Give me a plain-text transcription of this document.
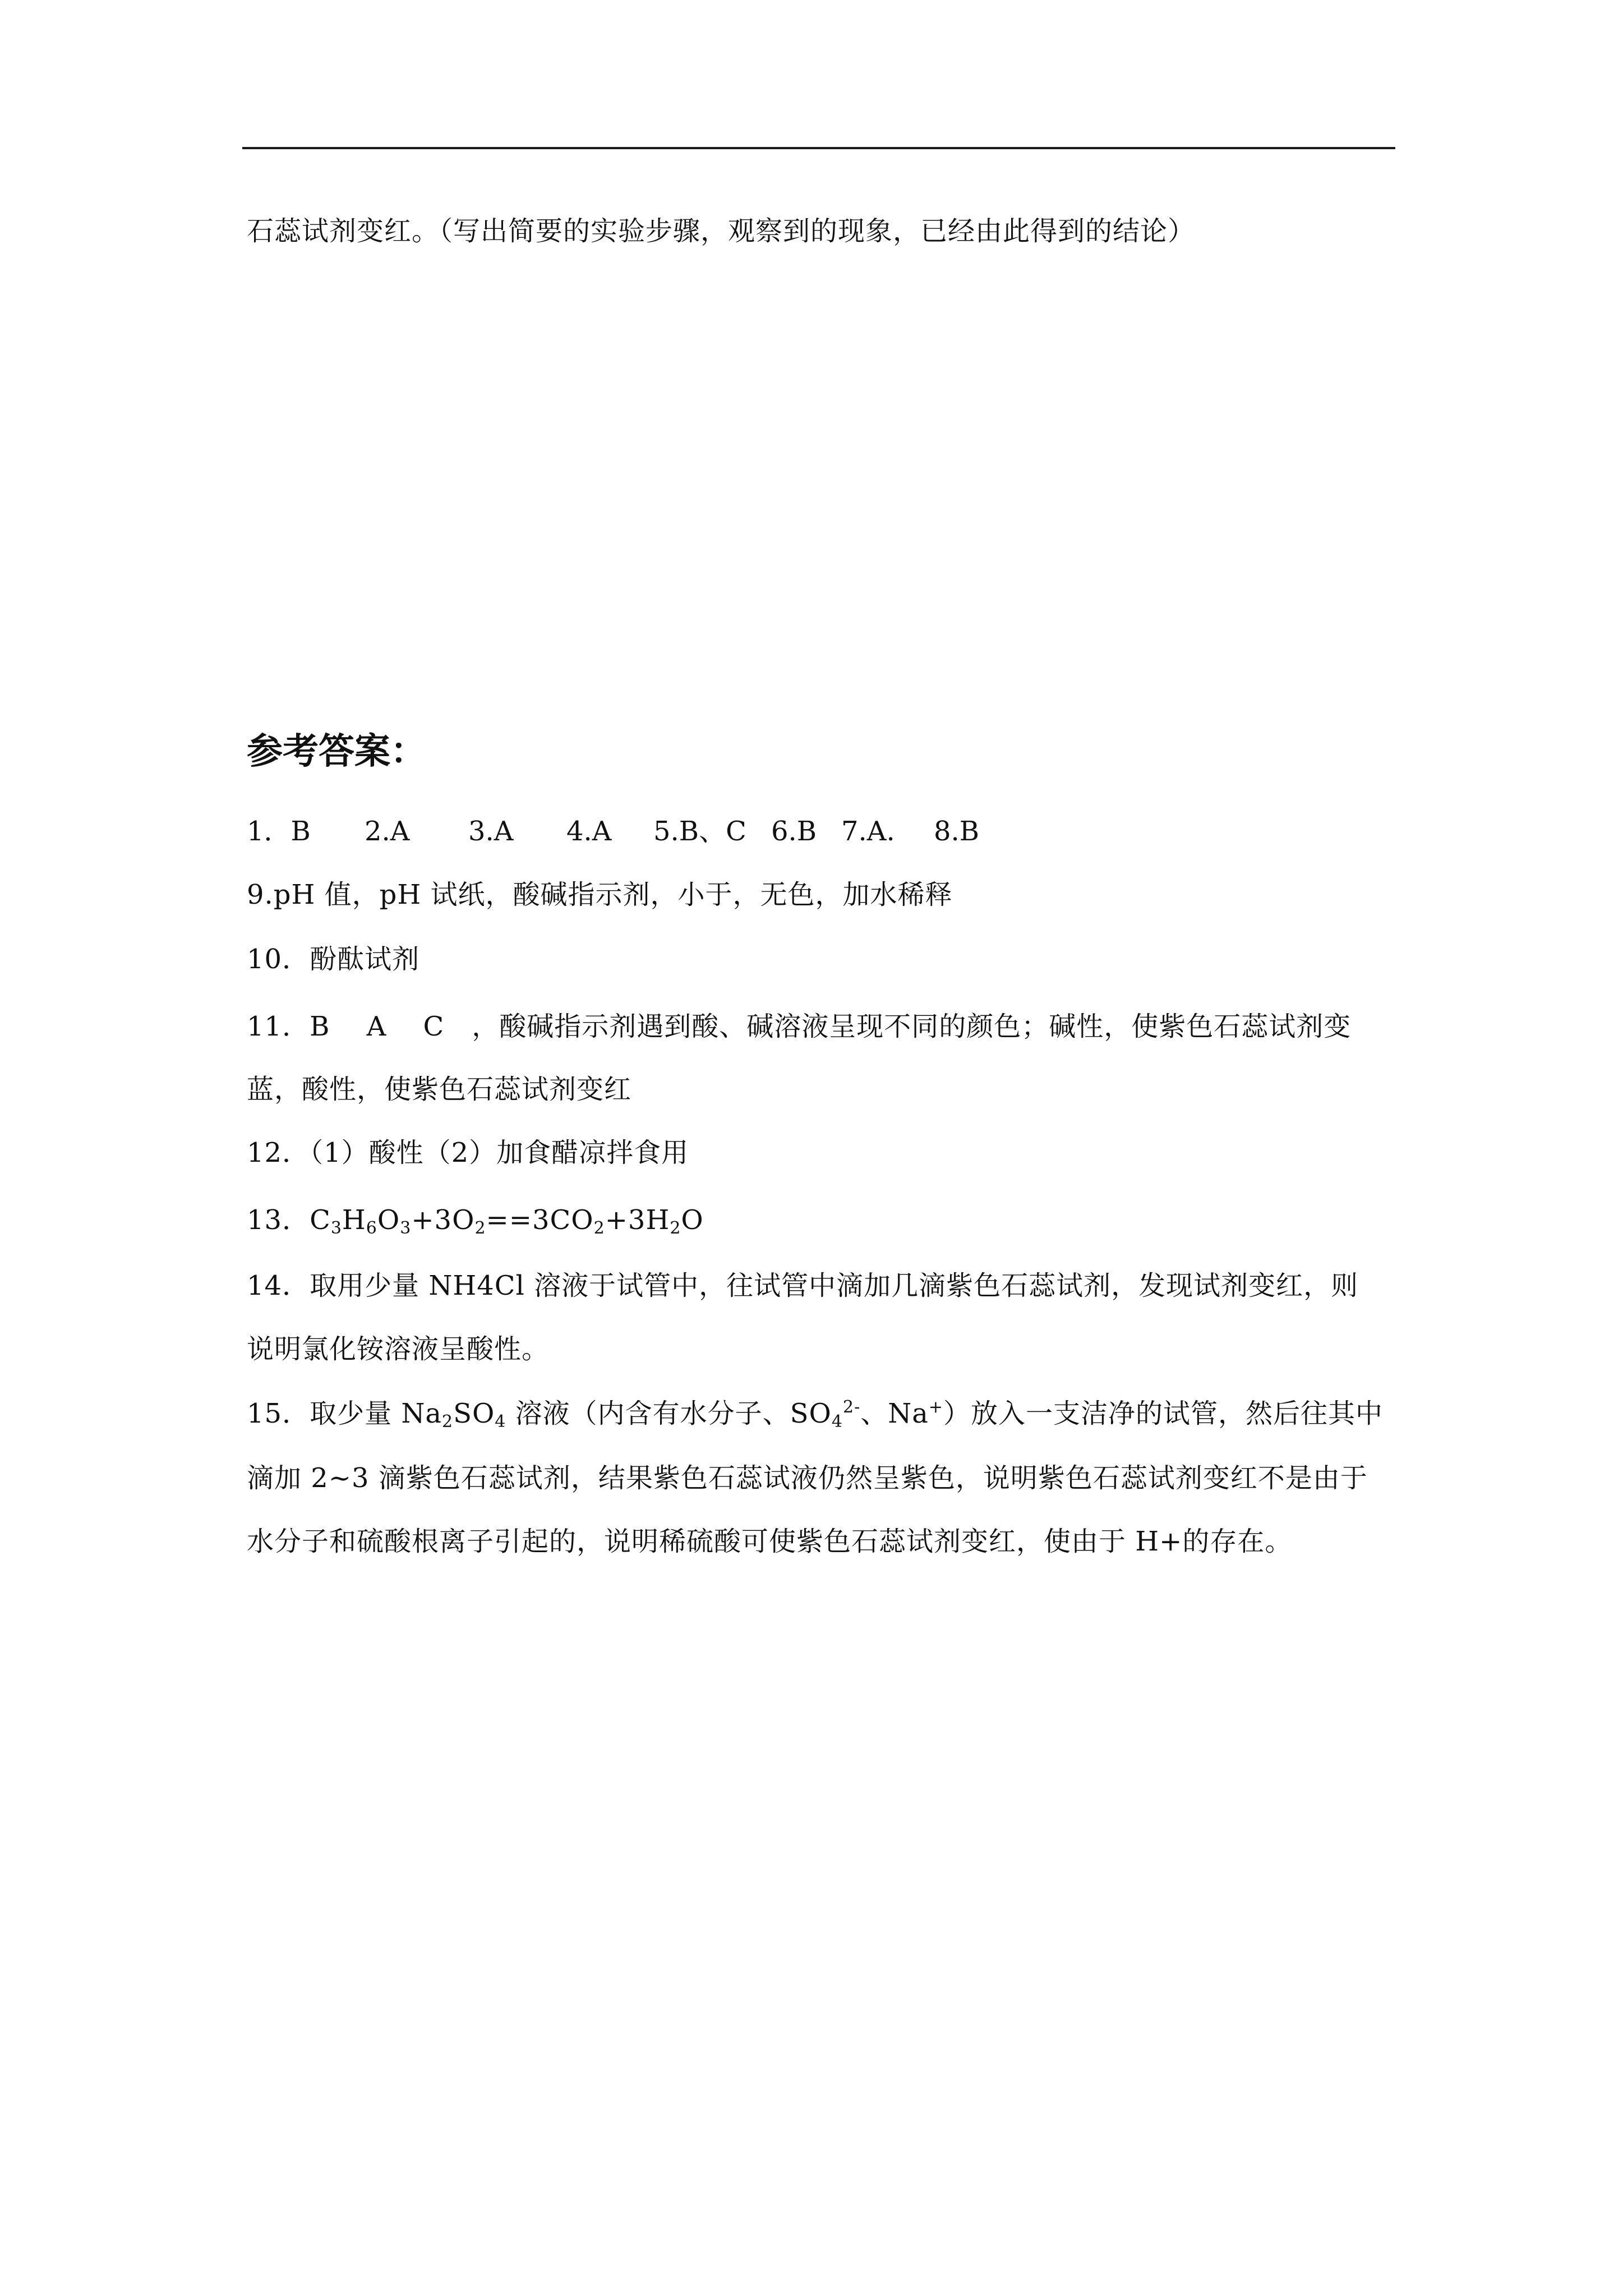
石蕊试剂变红。（写出简要的实验步骤，观察到的现象，已经由此得到的结论）
参考答案：
1．B 2.A 3.A 4.A 5.B、C 6.B 7.A. 8.B
9.pH 值，pH 试纸，酸碱指示剂，小于，无色，加水稀释
10．酚酞试剂
11．B　 A　 C　，酸碱指示剂遇到酸、碱溶液呈现不同的颜色；碱性，使紫色石蕊试剂变
蓝，酸性，使紫色石蕊试剂变红
12．（1）酸性（2）加食醋凉拌食用
13．$C_3H_6O_3+3O_2==3CO_2+3H_2O$
14．取用少量 NH4Cl 溶液于试管中，往试管中滴加几滴紫色石蕊试剂，发现试剂变红，则
说明氯化铵溶液呈酸性。
15．取少量 $Na_2SO_4$ 溶液（内含有水分子、$SO_4^{2-}$、Na+）放入一支洁净的试管，然后往其中
滴加 2~3 滴紫色石蕊试剂，结果紫色石蕊试液仍然呈紫色，说明紫色石蕊试剂变红不是由于
水分子和硫酸根离子引起的，说明稀硫酸可使紫色石蕊试剂变红，使由于 H+的存在。
